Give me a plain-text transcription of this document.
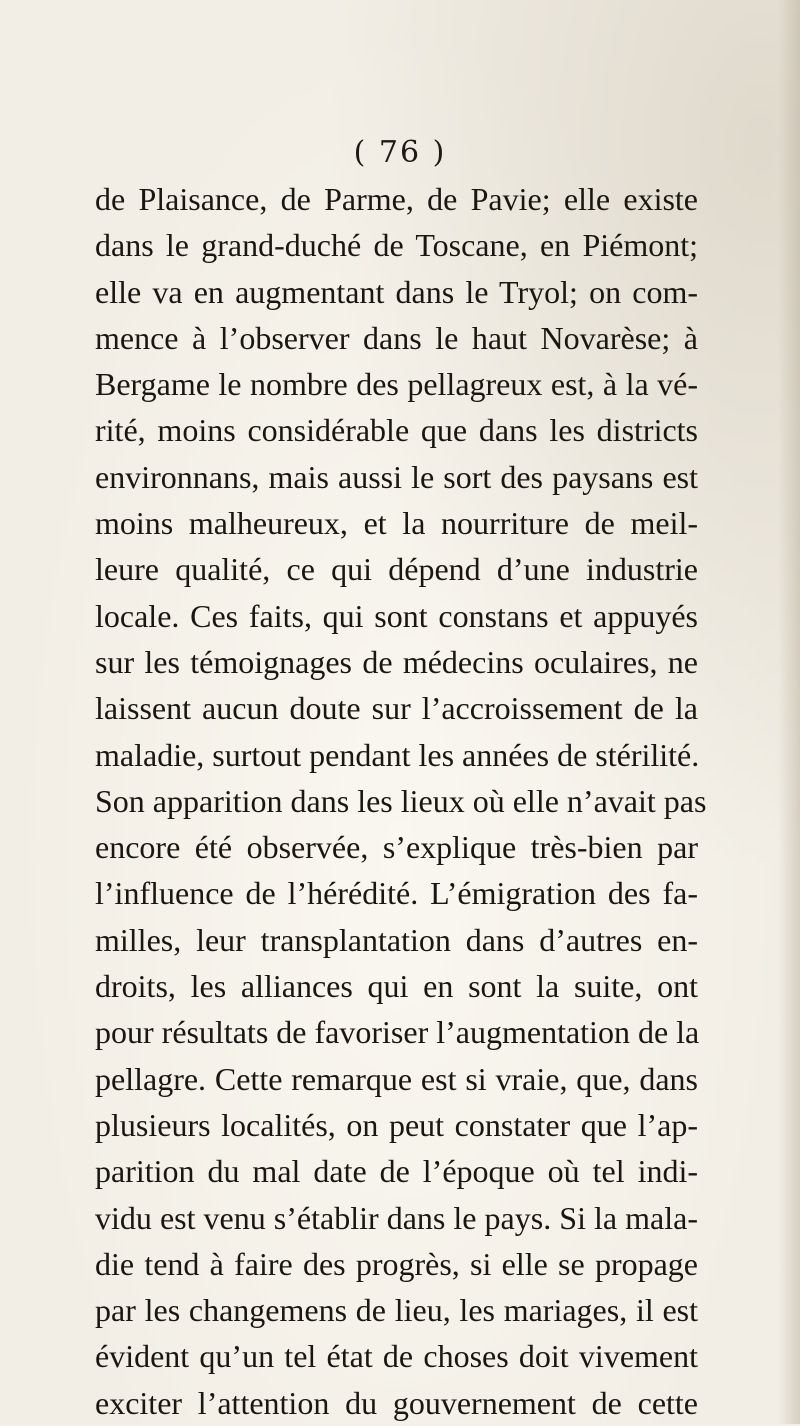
( 76 )
de Plaisance, de Parme, de Pavie; elle existe
dans le grand-duché de Toscane, en Piémont;
elle va en augmentant dans le Tryol; on com-
mence à l’observer dans le haut Novarèse; à
Bergame le nombre des pellagreux est, à la vé-
rité, moins considérable que dans les districts
environnans, mais aussi le sort des paysans est
moins malheureux, et la nourriture de meil-
leure qualité, ce qui dépend d’une industrie
locale. Ces faits, qui sont constans et appuyés
sur les témoignages de médecins oculaires, ne
laissent aucun doute sur l’accroissement de la
maladie, surtout pendant les années de stérilité.
Son apparition dans les lieux où elle n’avait pas
encore été observée, s’explique très-bien par
l’influence de l’hérédité. L’émigration des fa-
milles, leur transplantation dans d’autres en-
droits, les alliances qui en sont la suite, ont
pour résultats de favoriser l’augmentation de la
pellagre. Cette remarque est si vraie, que, dans
plusieurs localités, on peut constater que l’ap-
parition du mal date de l’époque où tel indi-
vidu est venu s’établir dans le pays. Si la mala-
die tend à faire des progrès, si elle se propage
par les changemens de lieu, les mariages, il est
évident qu’un tel état de choses doit vivement
exciter l’attention du gouvernement de cette
